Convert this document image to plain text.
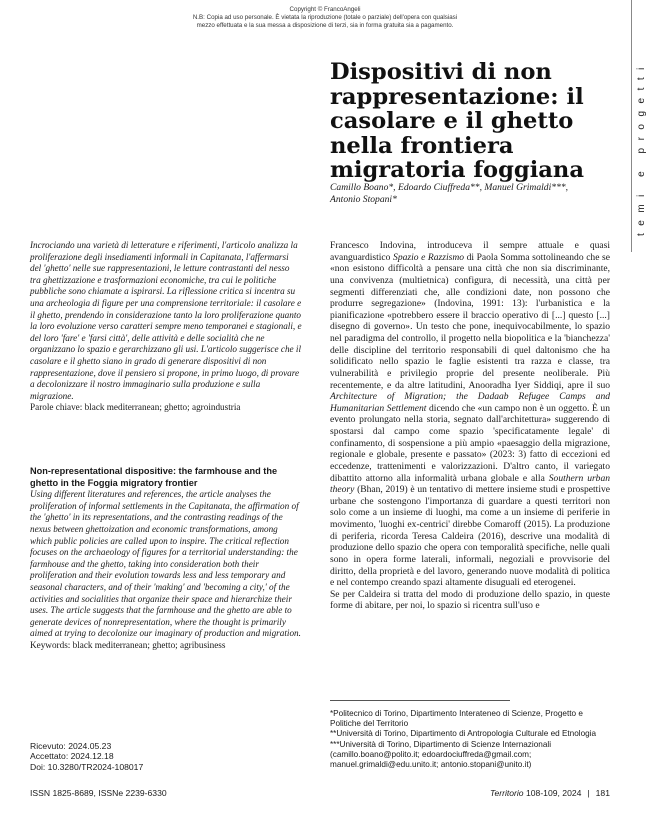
Copyright © FrancoAngeli
N.B: Copia ad uso personale. È vietata la riproduzione (totale o parziale) dell'opera con qualsiasi
mezzo effettuata e la sua messa a disposizione di terzi, sia in forma gratuita sia a pagamento.
temi e progetti
Dispositivi di non rappresentazione: il casolare e il ghetto nella frontiera migratoria foggiana
Camillo Boano*, Edoardo Ciuffreda**, Manuel Grimaldi***,
Antonio Stopani*
Incrociando una varietà di letterature e riferimenti, l'articolo analizza la proliferazione degli insediamenti informali in Capitanata, l'affermarsi del 'ghetto' nelle sue rappresentazioni, le letture contrastanti del nesso tra ghettizzazione e trasformazioni economiche, tra cui le politiche pubbliche sono chiamate a ispirarsi. La riflessione critica si incentra su una archeologia di figure per una comprensione territoriale: il casolare e il ghetto, prendendo in considerazione tanto la loro proliferazione quanto la loro evoluzione verso caratteri sempre meno temporanei e stagionali, e del loro 'fare' e 'farsi città', delle attività e delle socialità che ne organizzano lo spazio e gerarchizzano gli usi. L'articolo suggerisce che il casolare e il ghetto siano in grado di generare dispositivi di non rappresentazione, dove il pensiero si propone, in primo luogo, di provare a decolonizzare il nostro immaginario sulla produzione e sulla migrazione.
Parole chiave: black mediterranean; ghetto; agroindustria
Non-representational dispositive: the farmhouse and the ghetto in the Foggia migratory frontier
Using different literatures and references, the article analyses the proliferation of informal settlements in the Capitanata, the affirmation of the 'ghetto' in its representations, and the contrasting readings of the nexus between ghettoization and economic transformations, among which public policies are called upon to inspire. The critical reflection focuses on the archaeology of figures for a territorial understanding: the farmhouse and the ghetto, taking into consideration both their proliferation and their evolution towards less and less temporary and seasonal characters, and of their 'making' and 'becoming a city,' of the activities and socialities that organize their space and hierarchize their uses. The article suggests that the farmhouse and the ghetto are able to generate devices of nonrepresentation, where the thought is primarily aimed at trying to decolonize our imaginary of production and migration.
Keywords: black mediterranean; ghetto; agribusiness
Ricevuto: 2024.05.23
Accettato: 2024.12.18
Doi: 10.3280/TR2024-108017

Francesco Indovina, introduceva il sempre attuale e quasi avanguardistico Spazio e Razzismo di Paola Somma sottolineando che se «non esistono difficoltà a pensare una città che non sia discriminante, una convivenza (multietnica) configura, di necessità, una città per segmenti differenziati che, alle condizioni date, non possono che produrre segregazione» (Indovina, 1991: 13): l'urbanistica e la pianificazione «potrebbero essere il braccio operativo di [...] questo [...] disegno di governo». Un testo che pone, inequivocabilmente, lo spazio nel paradigma del controllo, il progetto nella biopolitica e la 'bianchezza' delle discipline del territorio responsabili di quel daltonismo che ha solidificato nello spazio le faglie esistenti tra razza e classe, tra vulnerabilità e privilegio proprie del presente neoliberale. Più recentemente, e da altre latitudini, Anooradha Iyer Siddiqi, apre il suo Architecture of Migration; the Dadaab Refugee Camps and Humanitarian Settlement dicendo che «un campo non è un oggetto. È un evento prolungato nella storia, segnato dall'architettura» suggerendo di spostarsi dal campo come spazio 'specificatamente legale' di confinamento, di sospensione a più ampio «paesaggio della migrazione, regionale e globale, presente e passato» (2023: 3) fatto di eccezioni ed eccedenze, trattenimenti e valorizzazioni. D'altro canto, il variegato dibattito attorno alla informalità urbana globale e alla Southern urban theory (Bhan, 2019) è un tentativo di mettere insieme studi e prospettive urbane che sostengono l'importanza di guardare a questi territori non solo come a un insieme di luoghi, ma come a un insieme di periferie in movimento, 'luoghi ex-centrici' direbbe Comaroff (2015). La produzione di periferia, ricorda Teresa Caldeira (2016), descrive una modalità di produzione dello spazio che opera con temporalità specifiche, nelle quali sono in opera forme laterali, informali, negoziali e provvisorie del diritto, della proprietà e del lavoro, generando nuove modalità di politica e nel contempo creando spazi altamente disuguali ed eterogenei.

Se per Caldeira si tratta del modo di produzione dello spazio, in queste forme di abitare, per noi, lo spazio si ricentra sull'uso e

*Politecnico di Torino, Dipartimento Interateneo di Scienze, Progetto e Politiche del Territorio
**Università di Torino, Dipartimento di Antropologia Culturale ed Etnologia
***Università di Torino, Dipartimento di Scienze Internazionali
(camillo.boano@polito.it; edoardociuffreda@gmail.com;
manuel.grimaldi@edu.unito.it; antonio.stopani@unito.it)
ISSN 1825-8689, ISSNe 2239-6330	Territorio 108-109, 2024 | 181
